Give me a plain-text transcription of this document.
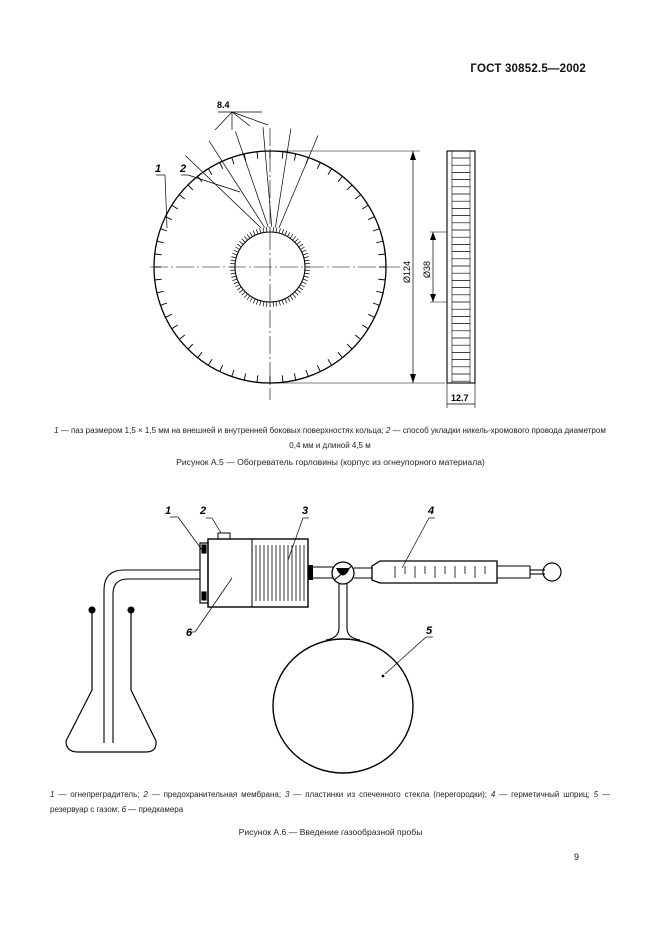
ГОСТ 30852.5—2002
8.4
1 2
Ø124 Ø38
12.7
1 — паз размером 1,5 × 1,5 мм на внешней и внутренней боковых поверхностях кольца; 2 — способ укладки никель-хромового провода диаметром 0,4 мм и длиной 4,5 м
Рисунок А.5 — Обогреватель горловины (корпус из огнеупорного материала)
1	2	3	4
5
6
1 — огнепреградитель; 2 — предохранительная мембрана; 3 — пластинки из спеченного стекла (перегородки); 4 — герметичный шприц; 5 — резервуар с газом; 6 — предкамера
Рисунок А.6 — Введение газообразной пробы
9
